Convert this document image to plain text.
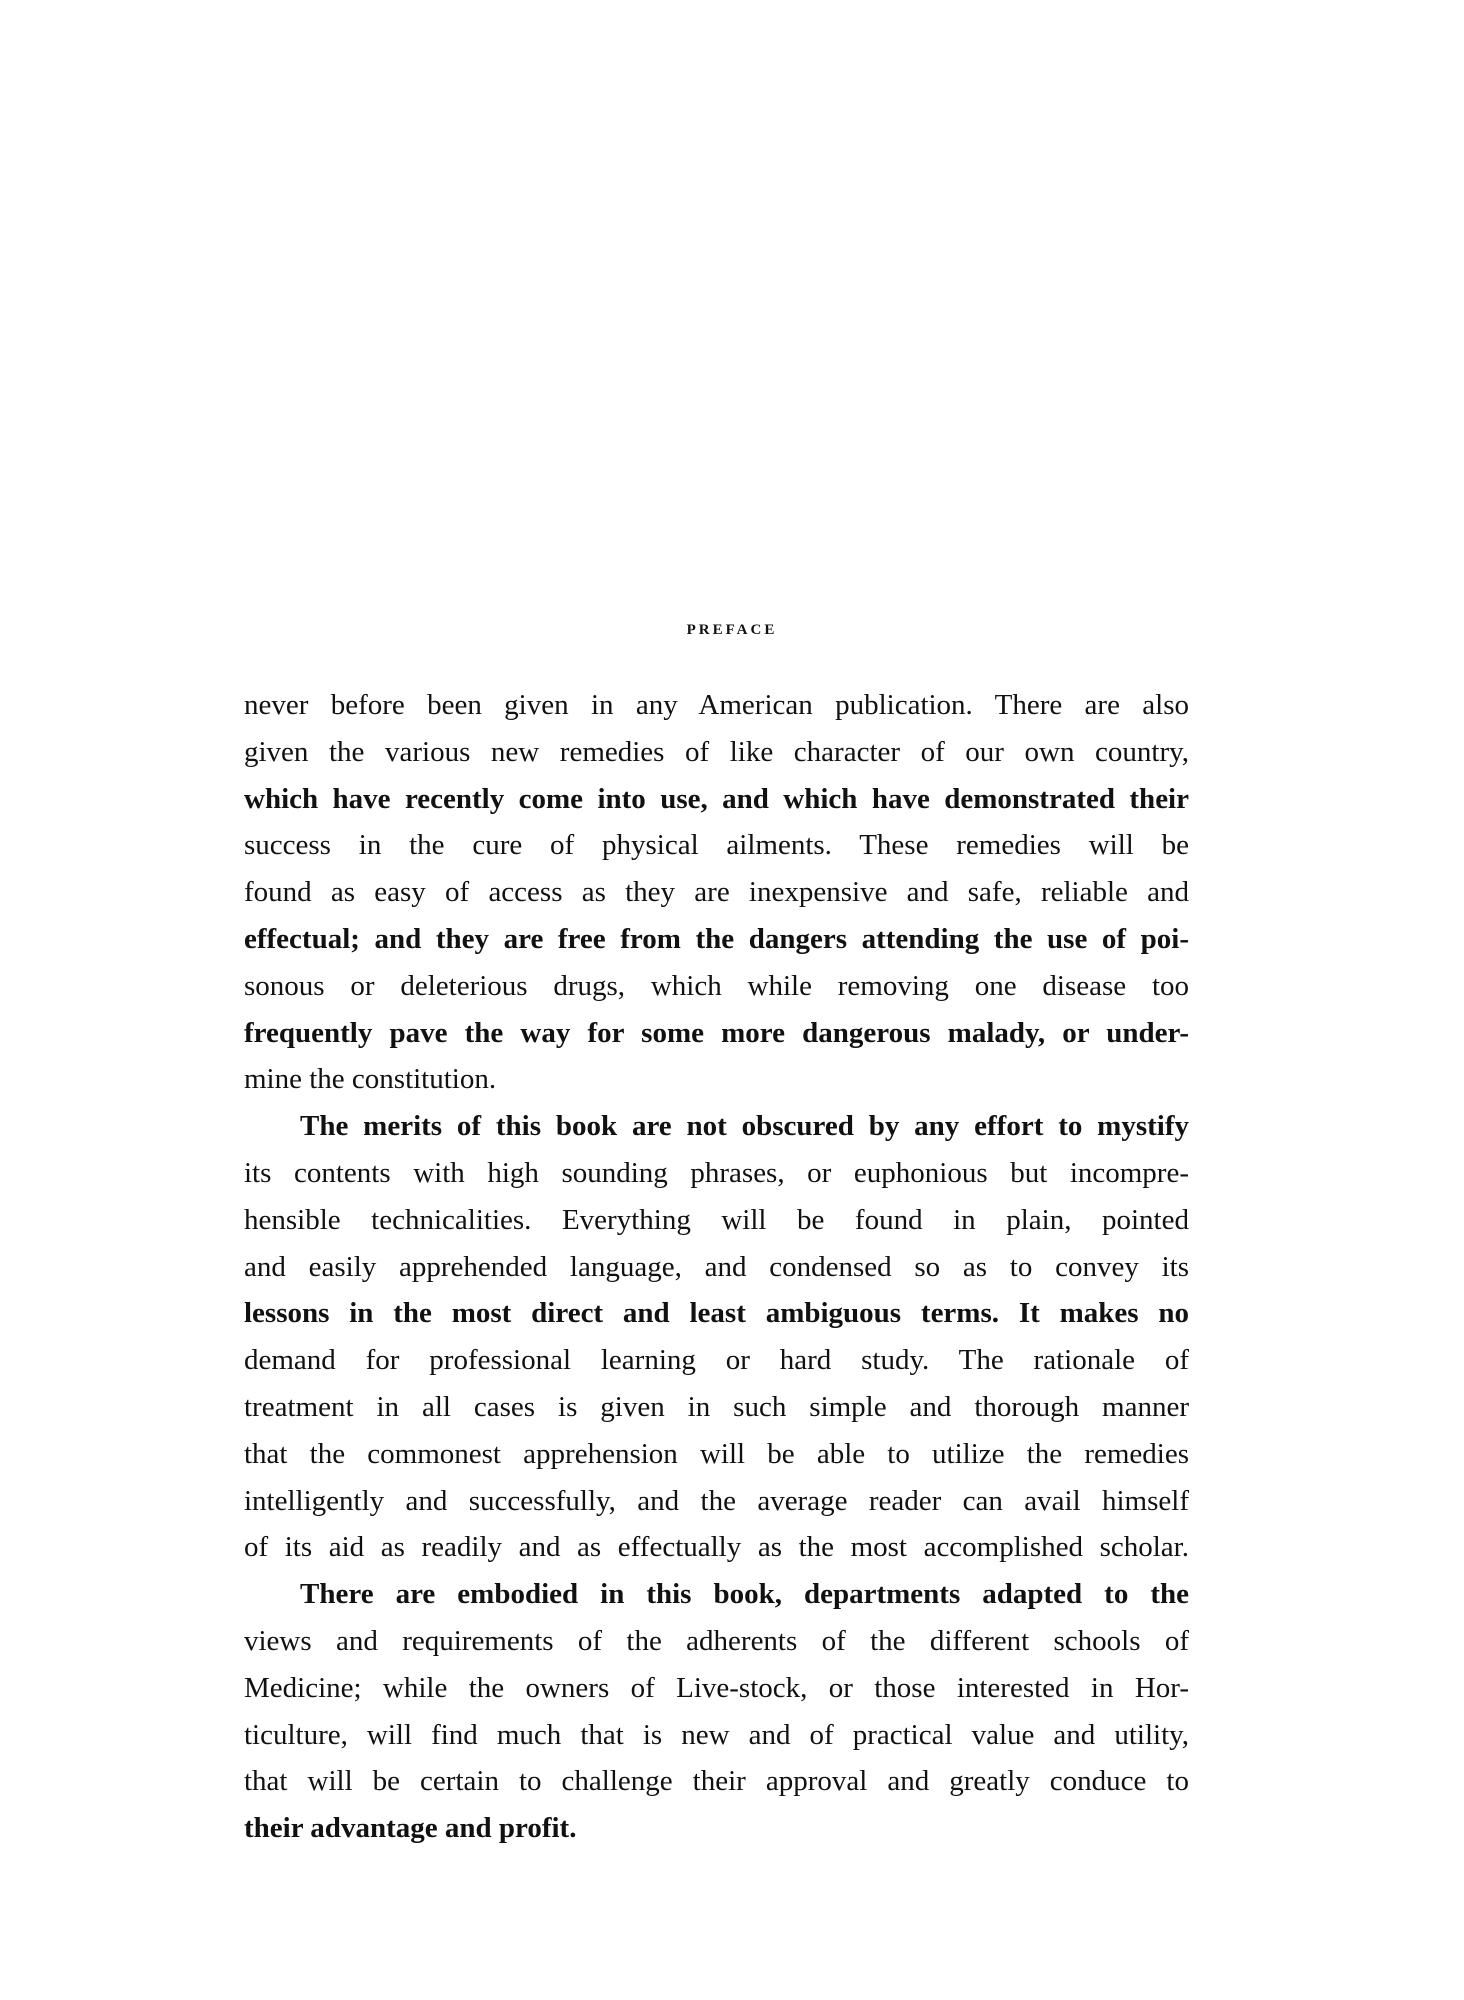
PREFACE
never before been given in any American publication. There are also
given the various new remedies of like character of our own country,
which have recently come into use, and which have demonstrated their
success in the cure of physical ailments. These remedies will be
found as easy of access as they are inexpensive and safe, reliable and
effectual; and they are free from the dangers attending the use of poi-
sonous or deleterious drugs, which while removing one disease too
frequently pave the way for some more dangerous malady, or under-
mine the constitution.
The merits of this book are not obscured by any effort to mystify
its contents with high sounding phrases, or euphonious but incompre-
hensible technicalities. Everything will be found in plain, pointed
and easily apprehended language, and condensed so as to convey its
lessons in the most direct and least ambiguous terms. It makes no
demand for professional learning or hard study. The rationale of
treatment in all cases is given in such simple and thorough manner
that the commonest apprehension will be able to utilize the remedies
intelligently and successfully, and the average reader can avail himself
of its aid as readily and as effectually as the most accomplished scholar.
There are embodied in this book, departments adapted to the
views and requirements of the adherents of the different schools of
Medicine; while the owners of Live-stock, or those interested in Hor-
ticulture, will find much that is new and of practical value and utility,
that will be certain to challenge their approval and greatly conduce to
their advantage and profit.
